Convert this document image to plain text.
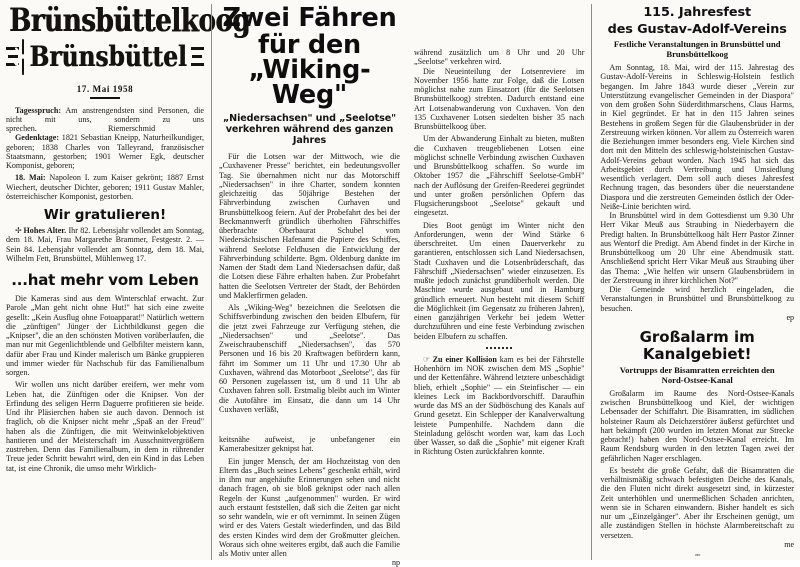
Brünsbüttelkoog
Brünsbüttel
17. Mai 1958

Tagesspruch: Am anstrengendsten sind Personen, die nicht mit uns, sondern zu uns sprechen.	Riemerschmid

Gedenktage: 1821 Sebastian Kneipp, Naturheilkundiger, geboren; 1838 Charles von Talleyrand, französischer Staatsmann, gestorben; 1901 Werner Egk, deutscher Komponist, geboren;

18. Mai: Napoleon I. zum Kaiser gekrönt; 1887 Ernst Wiechert, deutscher Dichter, geboren; 1911 Gustav Mahler, österreichischer Komponist, gestorben.

Wir gratulieren!

✢ Hohes Alter. Ihr 82. Lebensjahr vollendet am Sonntag, dem 18. Mai, Frau Margarethe Brammer, Festgestr. 2. — Sein 84. Lebensjahr vollendet am Sonntag, dem 18. Mai, Wilhelm Fett, Brunsbüttel, Mühlenweg 17.

...hat mehr vom Leben

Die Kameras sind aus dem Winterschlaf erwacht. Zur Parole „Man geht nicht ohne Hut!" hat sich eine zweite gesellt: „Kein Ausflug ohne Fotoapparat!" Natürlich wettern die „zünftigen" Jünger der Lichtbildkunst gegen die „Knipser", die an den schönsten Motiven vorüberlaufen, die man nur mit Gegenlichtblende und Gelbfilter meistern kann, dafür aber Frau und Kinder malerisch um Bänke gruppieren und immer wieder für Nachschub für das Familienalbum sorgen.

Wir wollen uns nicht darüber ereifern, wer mehr vom Leben hat, die Zünftigen oder die Knipser. Von der Erfindung des seligen Herrn Daguerre profitieren sie beide. Und ihr Pläsierchen haben sie auch davon. Dennoch ist fraglich, ob die Knipser nicht mehr „Spaß an der Freud" haben als die Zünftigen, die mit Weitwinkelobjektiven hantieren und der Meisterschaft im Ausschnittvergrößern zustreben. Denn das Familienalbum, in dem in rührender Treue jeder Schritt bewahrt wird, den ein Kind in das Leben tat, ist eine Chronik, die umso mehr Wirklich-

Zwei Fähren
für den „Wiking-Weg"
„Niedersachsen" und „Seelotse" verkehren während des ganzen Jahres

Für die Lotsen war der Mittwoch, wie die „Cuxhavener Presse" berichtet, ein bedeutungsvoller Tag. Sie übernahmen nicht nur das Motorschiff „Niedersachsen" in ihre Charter, sondern konnten gleichzeitig das 50jährige Bestehen der Fährverbindung zwischen Curhaven und Brunsbüttelkoog feiern. Auf der Probefahrt des bei der Beckmannwerft gründlich überholten Fährschiffes überbrachte Oberbaurat Schubel vom Niedersächsischen Hafenamt die Papiere des Schiffes, während Seelotse Feldhusen die Entwicklung der Fährverbindung schilderte. Bgm. Oldenburg dankte im Namen der Stadt dem Land Niedersachsen dafür, daß die Lotsen diese Fähre erhalten haben. Zur Probefahrt hatten die Seelotsen Vertreter der Stadt, der Behörden und Maklerfirmen geladen.

Als „Wiking-Weg" bezeichnen die Seelotsen die Schiffsverbindung zwischen den beiden Elbufern, für die jetzt zwei Fahrzeuge zur Verfügung stehen, die „Niedersachsen" und „Seelotse". Das Zweischraubenschiff „Niedersachsen", das 570 Personen und 16 bis 20 Kraftwagen befördern kann, fährt im Sommer um 11 Uhr und 17.30 Uhr ab Cuxhaven, während das Motorboot „Seelotse", das für 60 Personen zugelassen ist, um 8 und 11 Uhr ab Cuxhaven fahren soll. Erstmalig bleibt auch im Winter die Autofähre im Einsatz, die dann um 14 Uhr Cuxhaven verläßt,

keitsnähe aufweist, je unbefangener ein Kamerabesitzer geknipst hat.

Ein junger Mensch, der am Hochzeitstag von den Eltern das „Buch seines Lebens" geschenkt erhält, wird in ihm nur angehäufte Erinnerungen sehen und nicht danach fragen, ob sie bloß geknipst oder nach allen Regeln der Kunst „aufgenommen" wurden. Er wird auch erstaunt feststellen, daß sich die Zeiten gar nicht so sehr wandeln, wie er oft vernimmt. In seinen Zügen wird er des Vaters Gestalt wiederfinden, und das Bild des ersten Kindes wird dem der Großmutter gleichen. Woraus sich ohne weiteres ergibt, daß auch die Familie als Motiv unter allen

np

während zusätzlich um 8 Uhr und 20 Uhr „Seelotse" verkehren wird.

Die Neueinteilung der Lotsenreviere im November 1956 hatte zur Folge, daß die Lotsen möglichst nahe zum Einsatzort (für die Seelotsen Brunsbüttelkoog) strebten. Dadurch entstand eine Art Lotsenabwanderung von Cuxhaven. Von den 135 Cuxhavener Lotsen siedelten bisher 35 nach Brunsbüttelkoog über.

Um der Abwanderung Einhalt zu bieten, mußten die Cuxhaven treugebliebenen Lotsen eine möglichst schnelle Verbindung zwischen Cuxhaven und Brunsbüttelkoog schaffen. So wurde im Oktober 1957 die „Fährschiff Seelotse-GmbH" nach der Auflösung der Greifen-Reederei gegründet und unter großen persönlichen Opfern das Flugsicherungsboot „Seelotse" gekauft und eingesetzt.

Dies Boot genügt im Winter nicht den Anforderungen, wenn der Wind Stärke 6 überschreitet. Um einen Dauerverkehr zu garantieren, entschlossen sich Land Niedersachsen, Stadt Cuxhaven und die Lotsenbrüderschaft, das Fährschiff „Niedersachsen" wieder einzusetzen. Es mußte jedoch zunächst grundüberholt werden. Die Maschine wurde ausgebaut und in Hamburg gründlich erneuert. Nun besteht mit diesem Schiff die Möglichkeit (im Gegensatz zu früheren Jahren), einen ganzjährigen Verkehr bei jedem Wetter durchzuführen und eine feste Verbindung zwischen beiden Elbufern zu schaffen.

☞ Zu einer Kollision kam es bei der Fährstelle Hohenhörn im NOK zwischen dem MS „Sophie" und der Kettenfähre. Während letztere unbeschädigt blieb, erhielt „Sophie" — ein Steinfischer — ein kleines Leck im Backbordvorschiff. Daraufhin wurde das MS an der Südböschung des Kanals auf Grund gesetzt. Ein Schlepper der Kanalverwaltung leistete Pumpenhilfe. Nachdem dann die Steinladung gelöscht worden war, kam das Loch über Wasser, so daß die „Sophie" mit eigener Kraft in Richtung Osten zurückfahren konnte.

115. Jahresfest
des Gustav-Adolf-Vereins
Festliche Veranstaltungen in Brunsbüttel und
Brunsbüttelkoog

Am Sonntag, 18. Mai, wird der 115. Jahrestag des Gustav-Adolf-Vereins in Schleswig-Holstein festlich begangen. Im Jahre 1843 wurde dieser „Verein zur Unterstützung evangelischer Gemeinden in der Diaspora" von dem großen Sohn Süderdithmarschens, Claus Harms, in Kiel gegründet. Er hat in den 115 Jahren seines Bestehens in großem Segen für die Glaubensbrüder in der Zerstreuung wirken können. Vor allem zu Österreich waren die Beziehungen immer besonders eng. Viele Kirchen sind dort mit den Mitteln des schleswig-holsteinischen Gustav-Adolf-Vereins gebaut worden. Nach 1945 hat sich das Arbeitsgebiet durch Vertreibung und Umsiedlung wesentlich verlagert. Dem soll auch dieses Jahresfest Rechnung tragen, das besonders über die neuerstandene Diaspora und die zerstreuten Gemeinden östlich der Oder-Neiße-Linie berichten wird.

In Brunsbüttel wird in dem Gottesdienst um 9.30 Uhr Herr Vikar Meuß aus Straubing in Niederbayern die Predigt halten. In Brunsbüttelkoog hält Herr Pastor Zinner aus Wentorf die Predigt. Am Abend findet in der Kirche in Brunsbüttelkoog um 20 Uhr eine Abendmusik statt. Anschließend spricht Herr Vikar Meuß aus Straubing über das Thema: „Wie helfen wir unsern Glaubensbrüdern in der Zerstreuung in ihrer kirchlichen Not?"

Die Gemeinde wird herzlich eingeladen, die Veranstaltungen in Brunsbüttel und Brunsbüttelkoog zu besuchen.

ep
Großalarm im Kanalgebiet!
Vortrupps der Bisamratten erreichten den
Nord-Ostsee-Kanal

Großalarm im Raume des Nord-Ostsee-Kanals zwischen Brunsbüttelkoog und Kiel, der wichtigen Lebensader der Schiffahrt. Die Bisamratten, im südlichen holsteiner Raum als Deichzerstörer äußerst gefürchtet und hart bekämpft (200 wurden im letzten Monat zur Strecke gebracht!) haben den Nord-Ostsee-Kanal erreicht. Im Raum Rendsburg wurden in den letzten Tagen zwei der gefährlichen Nager erschlagen.

Es besteht die große Gefahr, daß die Bisamratten die verhältnismäßig schwach befestigten Deiche des Kanals, die den Fluten nicht direkt ausgesetzt sind, in kürzester Zeit unterhöhlen und unermeßlichen Schaden anrichten, wenn sie in Scharen einwandern. Bisher handelt es sich nur um „Einzelgänger". Aber ihr Erscheinen genügt, um alle zuständigen Stellen in höchste Alarmbereitschaft zu versetzen.

me
≈≈
